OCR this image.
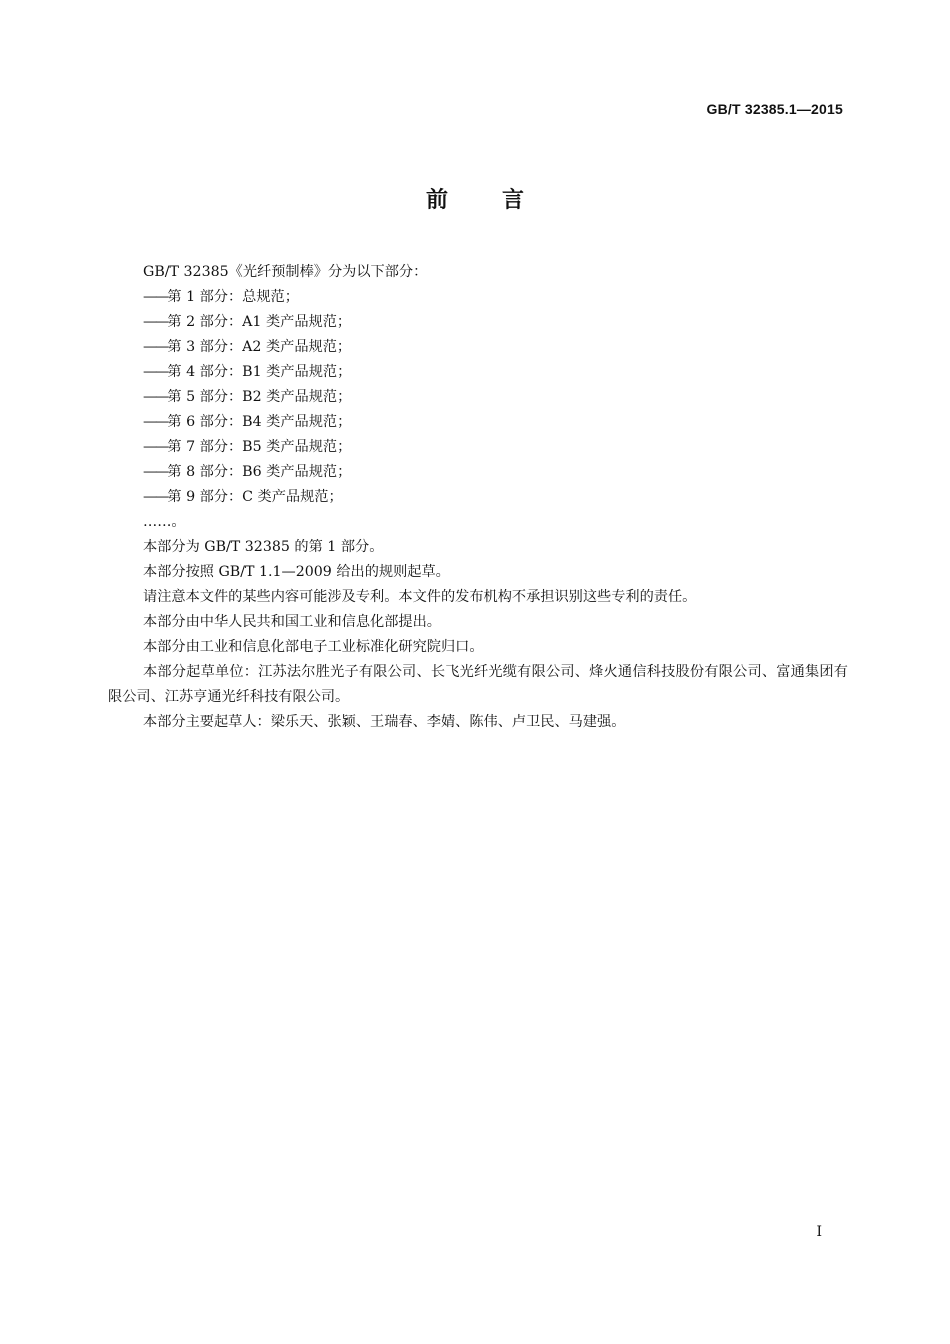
GB/T 32385.1—2015
前言

GB/T 32385《光纤预制棒》分为以下部分：

——第 1 部分：总规范；
——第 2 部分：A1 类产品规范；
——第 3 部分：A2 类产品规范；
——第 4 部分：B1 类产品规范；
——第 5 部分：B2 类产品规范；
——第 6 部分：B4 类产品规范；
——第 7 部分：B5 类产品规范；
——第 8 部分：B6 类产品规范；
——第 9 部分：C 类产品规范；

……。

本部分为 GB/T 32385 的第 1 部分。

本部分按照 GB/T 1.1—2009 给出的规则起草。

请注意本文件的某些内容可能涉及专利。本文件的发布机构不承担识别这些专利的责任。

本部分由中华人民共和国工业和信息化部提出。

本部分由工业和信息化部电子工业标准化研究院归口。

本部分起草单位：江苏法尔胜光子有限公司、长飞光纤光缆有限公司、烽火通信科技股份有限公司、富通集团有限公司、江苏亨通光纤科技有限公司。

本部分主要起草人：梁乐天、张颖、王瑞春、李婧、陈伟、卢卫民、马建强。

I
